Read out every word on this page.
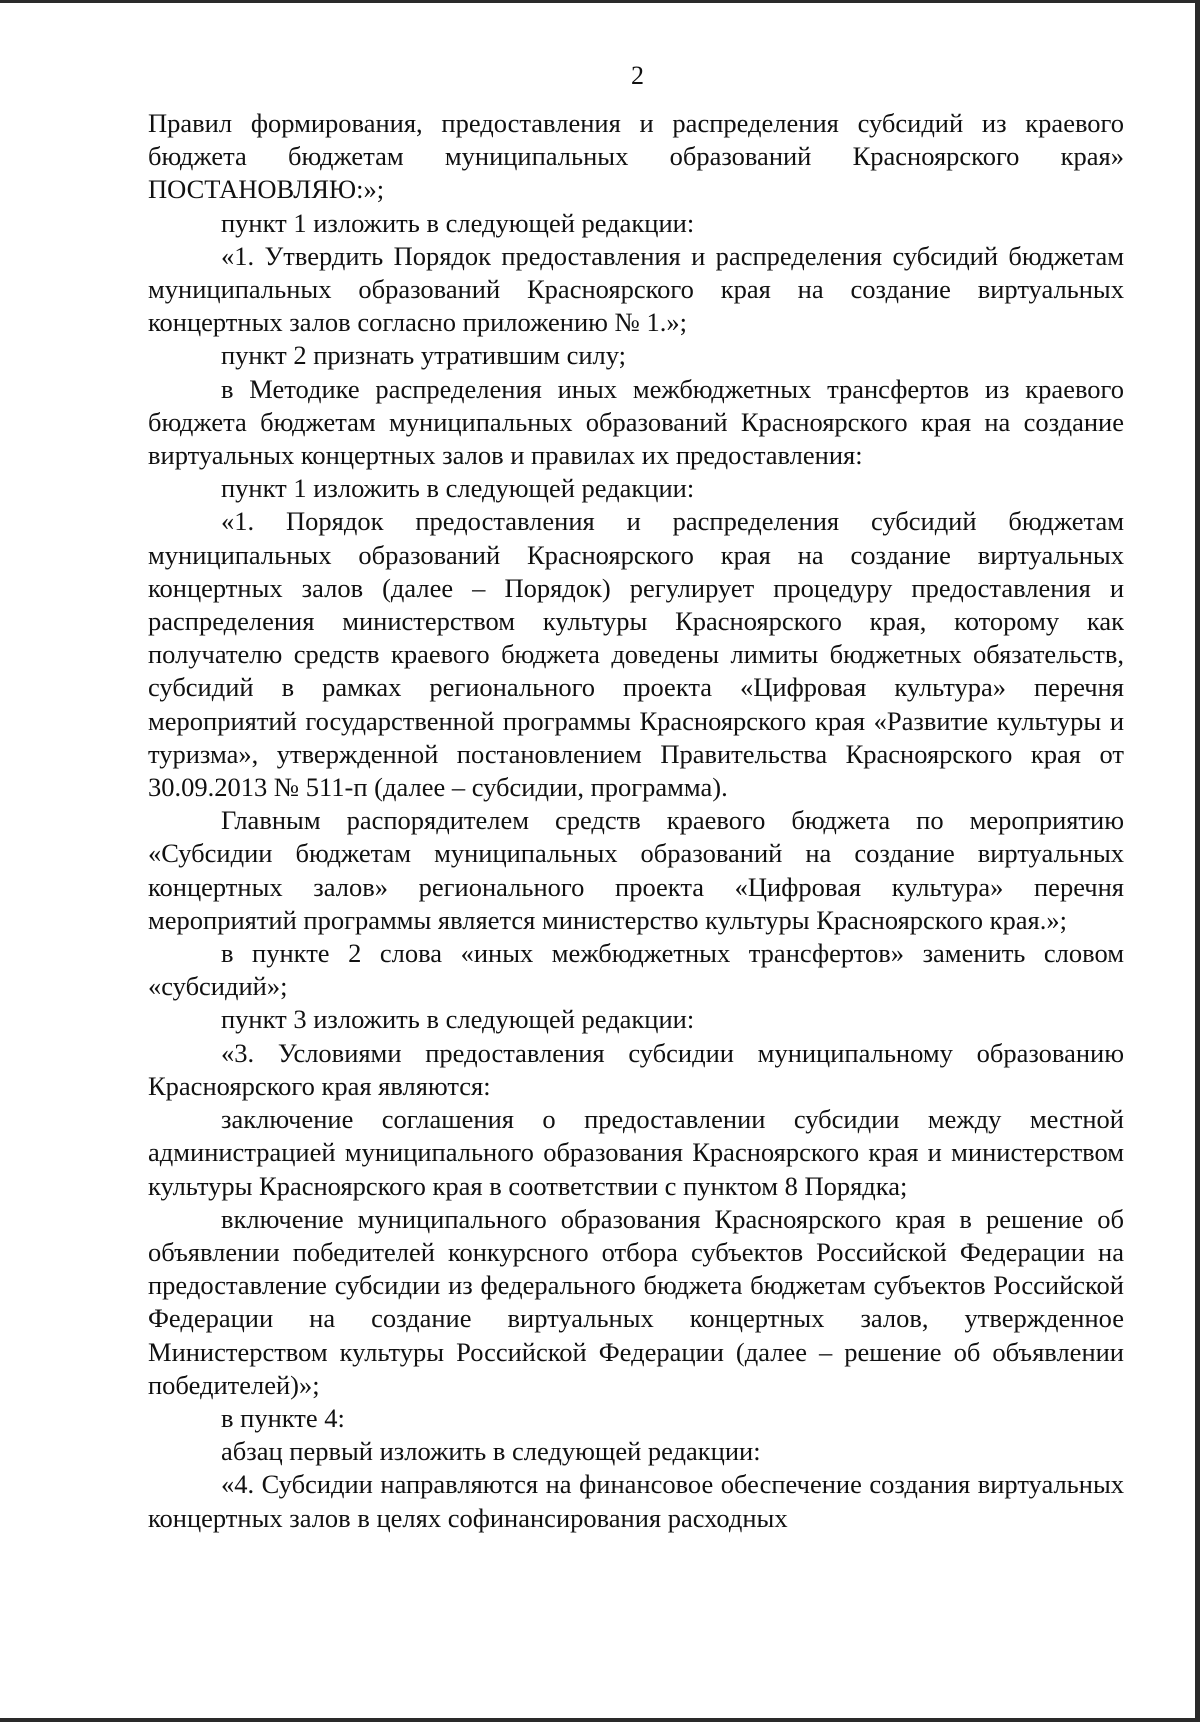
2

Правил формирования, предоставления и распределения субсидий из краевого бюджета бюджетам муниципальных образований Красноярского края» ПОСТАНОВЛЯЮ:»;

пункт 1 изложить в следующей редакции:

«1. Утвердить Порядок предоставления и распределения субсидий бюджетам муниципальных образований Красноярского края на создание виртуальных концертных залов согласно приложению № 1.»;

пункт 2 признать утратившим силу;

в Методике распределения иных межбюджетных трансфертов из краевого бюджета бюджетам муниципальных образований Красноярского края на создание виртуальных концертных залов и правилах их предоставления:

пункт 1 изложить в следующей редакции:

«1. Порядок предоставления и распределения субсидий бюджетам муниципальных образований Красноярского края на создание виртуальных концертных залов (далее – Порядок) регулирует процедуру предоставления и распределения министерством культуры Красноярского края, которому как получателю средств краевого бюджета доведены лимиты бюджетных обязательств, субсидий в рамках регионального проекта «Цифровая культура» перечня мероприятий государственной программы Красноярского края «Развитие культуры и туризма», утвержденной постановлением Правительства Красноярского края от 30.09.2013 № 511-п (далее – субсидии, программа).

Главным распорядителем средств краевого бюджета по мероприятию «Субсидии бюджетам муниципальных образований на создание виртуальных концертных залов» регионального проекта «Цифровая культура» перечня мероприятий программы является министерство культуры Красноярского края.»;

в пункте 2 слова «иных межбюджетных трансфертов» заменить словом «субсидий»;

пункт 3 изложить в следующей редакции:

«3. Условиями предоставления субсидии муниципальному образованию Красноярского края являются:

заключение соглашения о предоставлении субсидии между местной администрацией муниципального образования Красноярского края и министерством культуры Красноярского края в соответствии с пунктом 8 Порядка;

включение муниципального образования Красноярского края в решение об объявлении победителей конкурсного отбора субъектов Российской Федерации на предоставление субсидии из федерального бюджета бюджетам субъектов Российской Федерации на создание виртуальных концертных залов, утвержденное Министерством культуры Российской Федерации (далее – решение об объявлении победителей)»;

в пункте 4:

абзац первый изложить в следующей редакции:

«4. Субсидии направляются на финансовое обеспечение создания виртуальных концертных залов в целях софинансирования расходных
